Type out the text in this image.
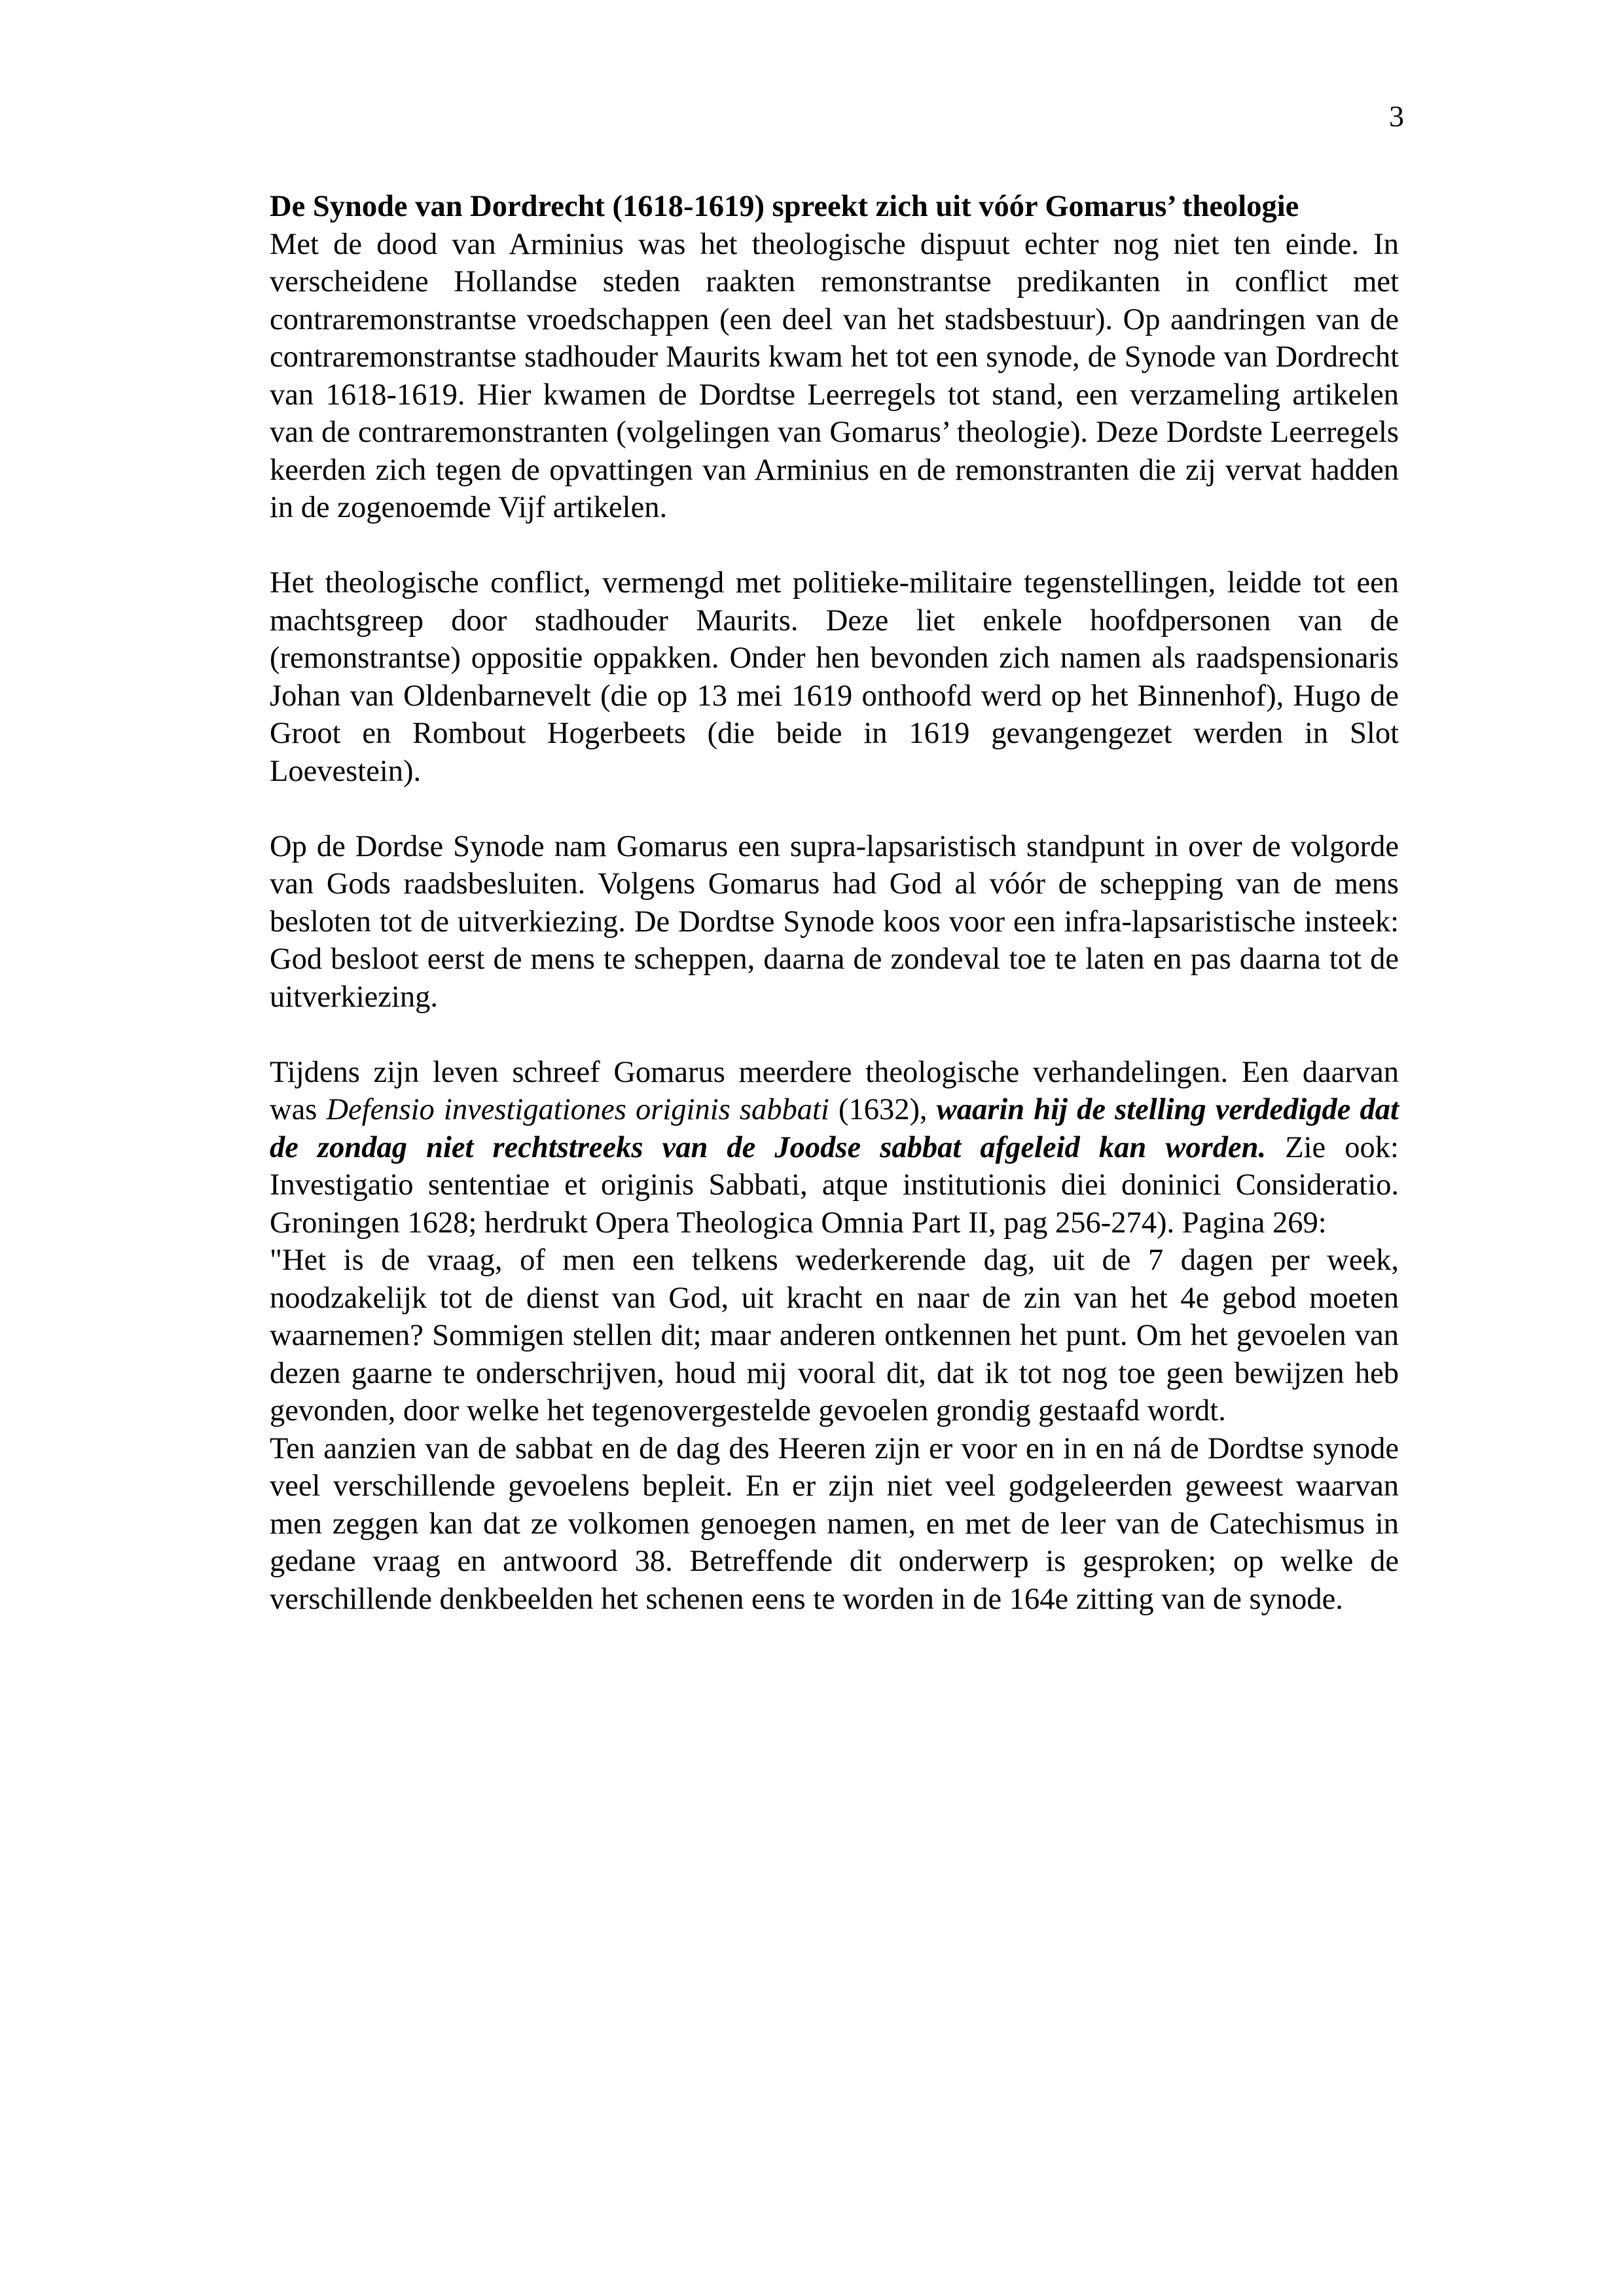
3

De Synode van Dordrecht (1618-1619) spreekt zich uit vóór Gomarus’ theologie

Met de dood van Arminius was het theologische dispuut echter nog niet ten einde. In verscheidene Hollandse steden raakten remonstrantse predikanten in conflict met contraremonstrantse vroedschappen (een deel van het stadsbestuur). Op aandringen van de contraremonstrantse stadhouder Maurits kwam het tot een synode, de Synode van Dordrecht van 1618-1619. Hier kwamen de Dordtse Leerregels tot stand, een verzameling artikelen van de contraremonstranten (volgelingen van Gomarus’ theologie). Deze Dordste Leerregels keerden zich tegen de opvattingen van Arminius en de remonstranten die zij vervat hadden in de zogenoemde Vijf artikelen.

Het theologische conflict, vermengd met politieke-militaire tegenstellingen, leidde tot een machtsgreep door stadhouder Maurits. Deze liet enkele hoofdpersonen van de (remonstrantse) oppositie oppakken. Onder hen bevonden zich namen als raadspensionaris Johan van Oldenbarnevelt (die op 13 mei 1619 onthoofd werd op het Binnenhof), Hugo de Groot en Rombout Hogerbeets (die beide in 1619 gevangengezet werden in Slot Loevestein).

Op de Dordse Synode nam Gomarus een supra-lapsaristisch standpunt in over de volgorde van Gods raadsbesluiten. Volgens Gomarus had God al vóór de schepping van de mens besloten tot de uitverkiezing. De Dordtse Synode koos voor een infra-lapsaristische insteek: God besloot eerst de mens te scheppen, daarna de zondeval toe te laten en pas daarna tot de uitverkiezing.

Tijdens zijn leven schreef Gomarus meerdere theologische verhandelingen. Een daarvan was Defensio investigationes originis sabbati (1632), waarin hij de stelling verdedigde dat de zondag niet rechtstreeks van de Joodse sabbat afgeleid kan worden. Zie ook: Investigatio sententiae et originis Sabbati, atque institutionis diei doninici Consideratio. Groningen 1628; herdrukt Opera Theologica Omnia Part II, pag 256-274). Pagina 269:

"Het is de vraag, of men een telkens wederkerende dag, uit de 7 dagen per week, noodzakelijk tot de dienst van God, uit kracht en naar de zin van het 4e gebod moeten waarnemen? Sommigen stellen dit; maar anderen ontkennen het punt. Om het gevoelen van dezen gaarne te onderschrijven, houd mij vooral dit, dat ik tot nog toe geen bewijzen heb gevonden, door welke het tegenovergestelde gevoelen grondig gestaafd wordt.

Ten aanzien van de sabbat en de dag des Heeren zijn er voor en in en ná de Dordtse synode veel verschillende gevoelens bepleit. En er zijn niet veel godgeleerden geweest waarvan men zeggen kan dat ze volkomen genoegen namen, en met de leer van de Catechismus in gedane vraag en antwoord 38. Betreffende dit onderwerp is gesproken; op welke de verschillende denkbeelden het schenen eens te worden in de 164e zitting van de synode.
